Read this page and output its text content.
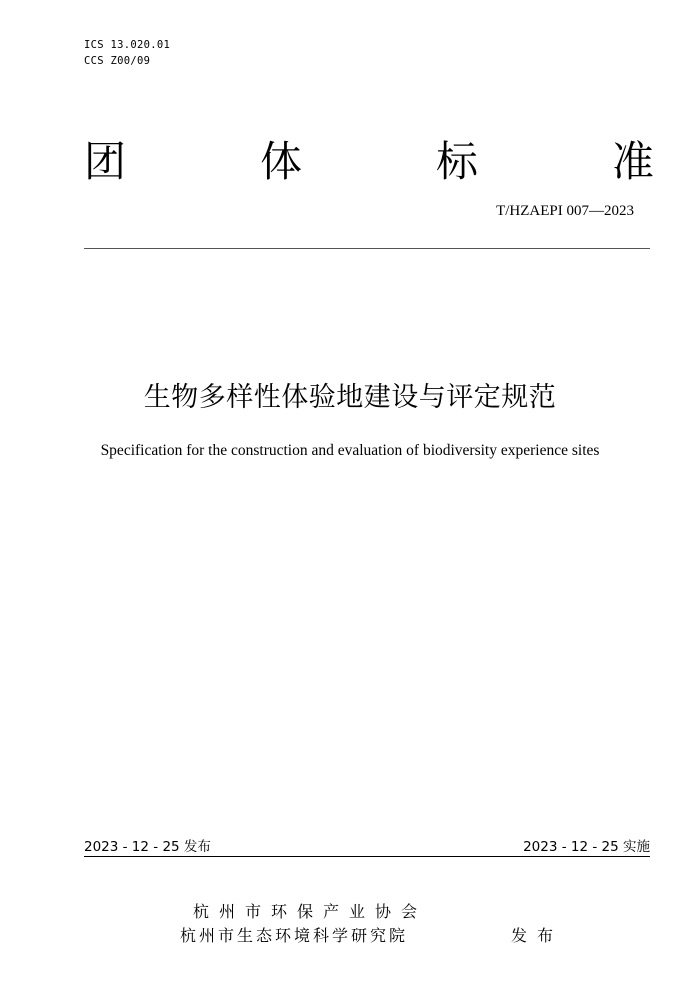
ICS 13.020.01
CCS Z00/09
团	体	标	准
T/HZAEPI 007—2023
生物多样性体验地建设与评定规范
Specification for the construction and evaluation of biodiversity experience sites
2023 - 12 - 25 发布	2023 - 12 - 25 实施
杭州市环保产业协会
杭州市生态环境科学研究院	发布
